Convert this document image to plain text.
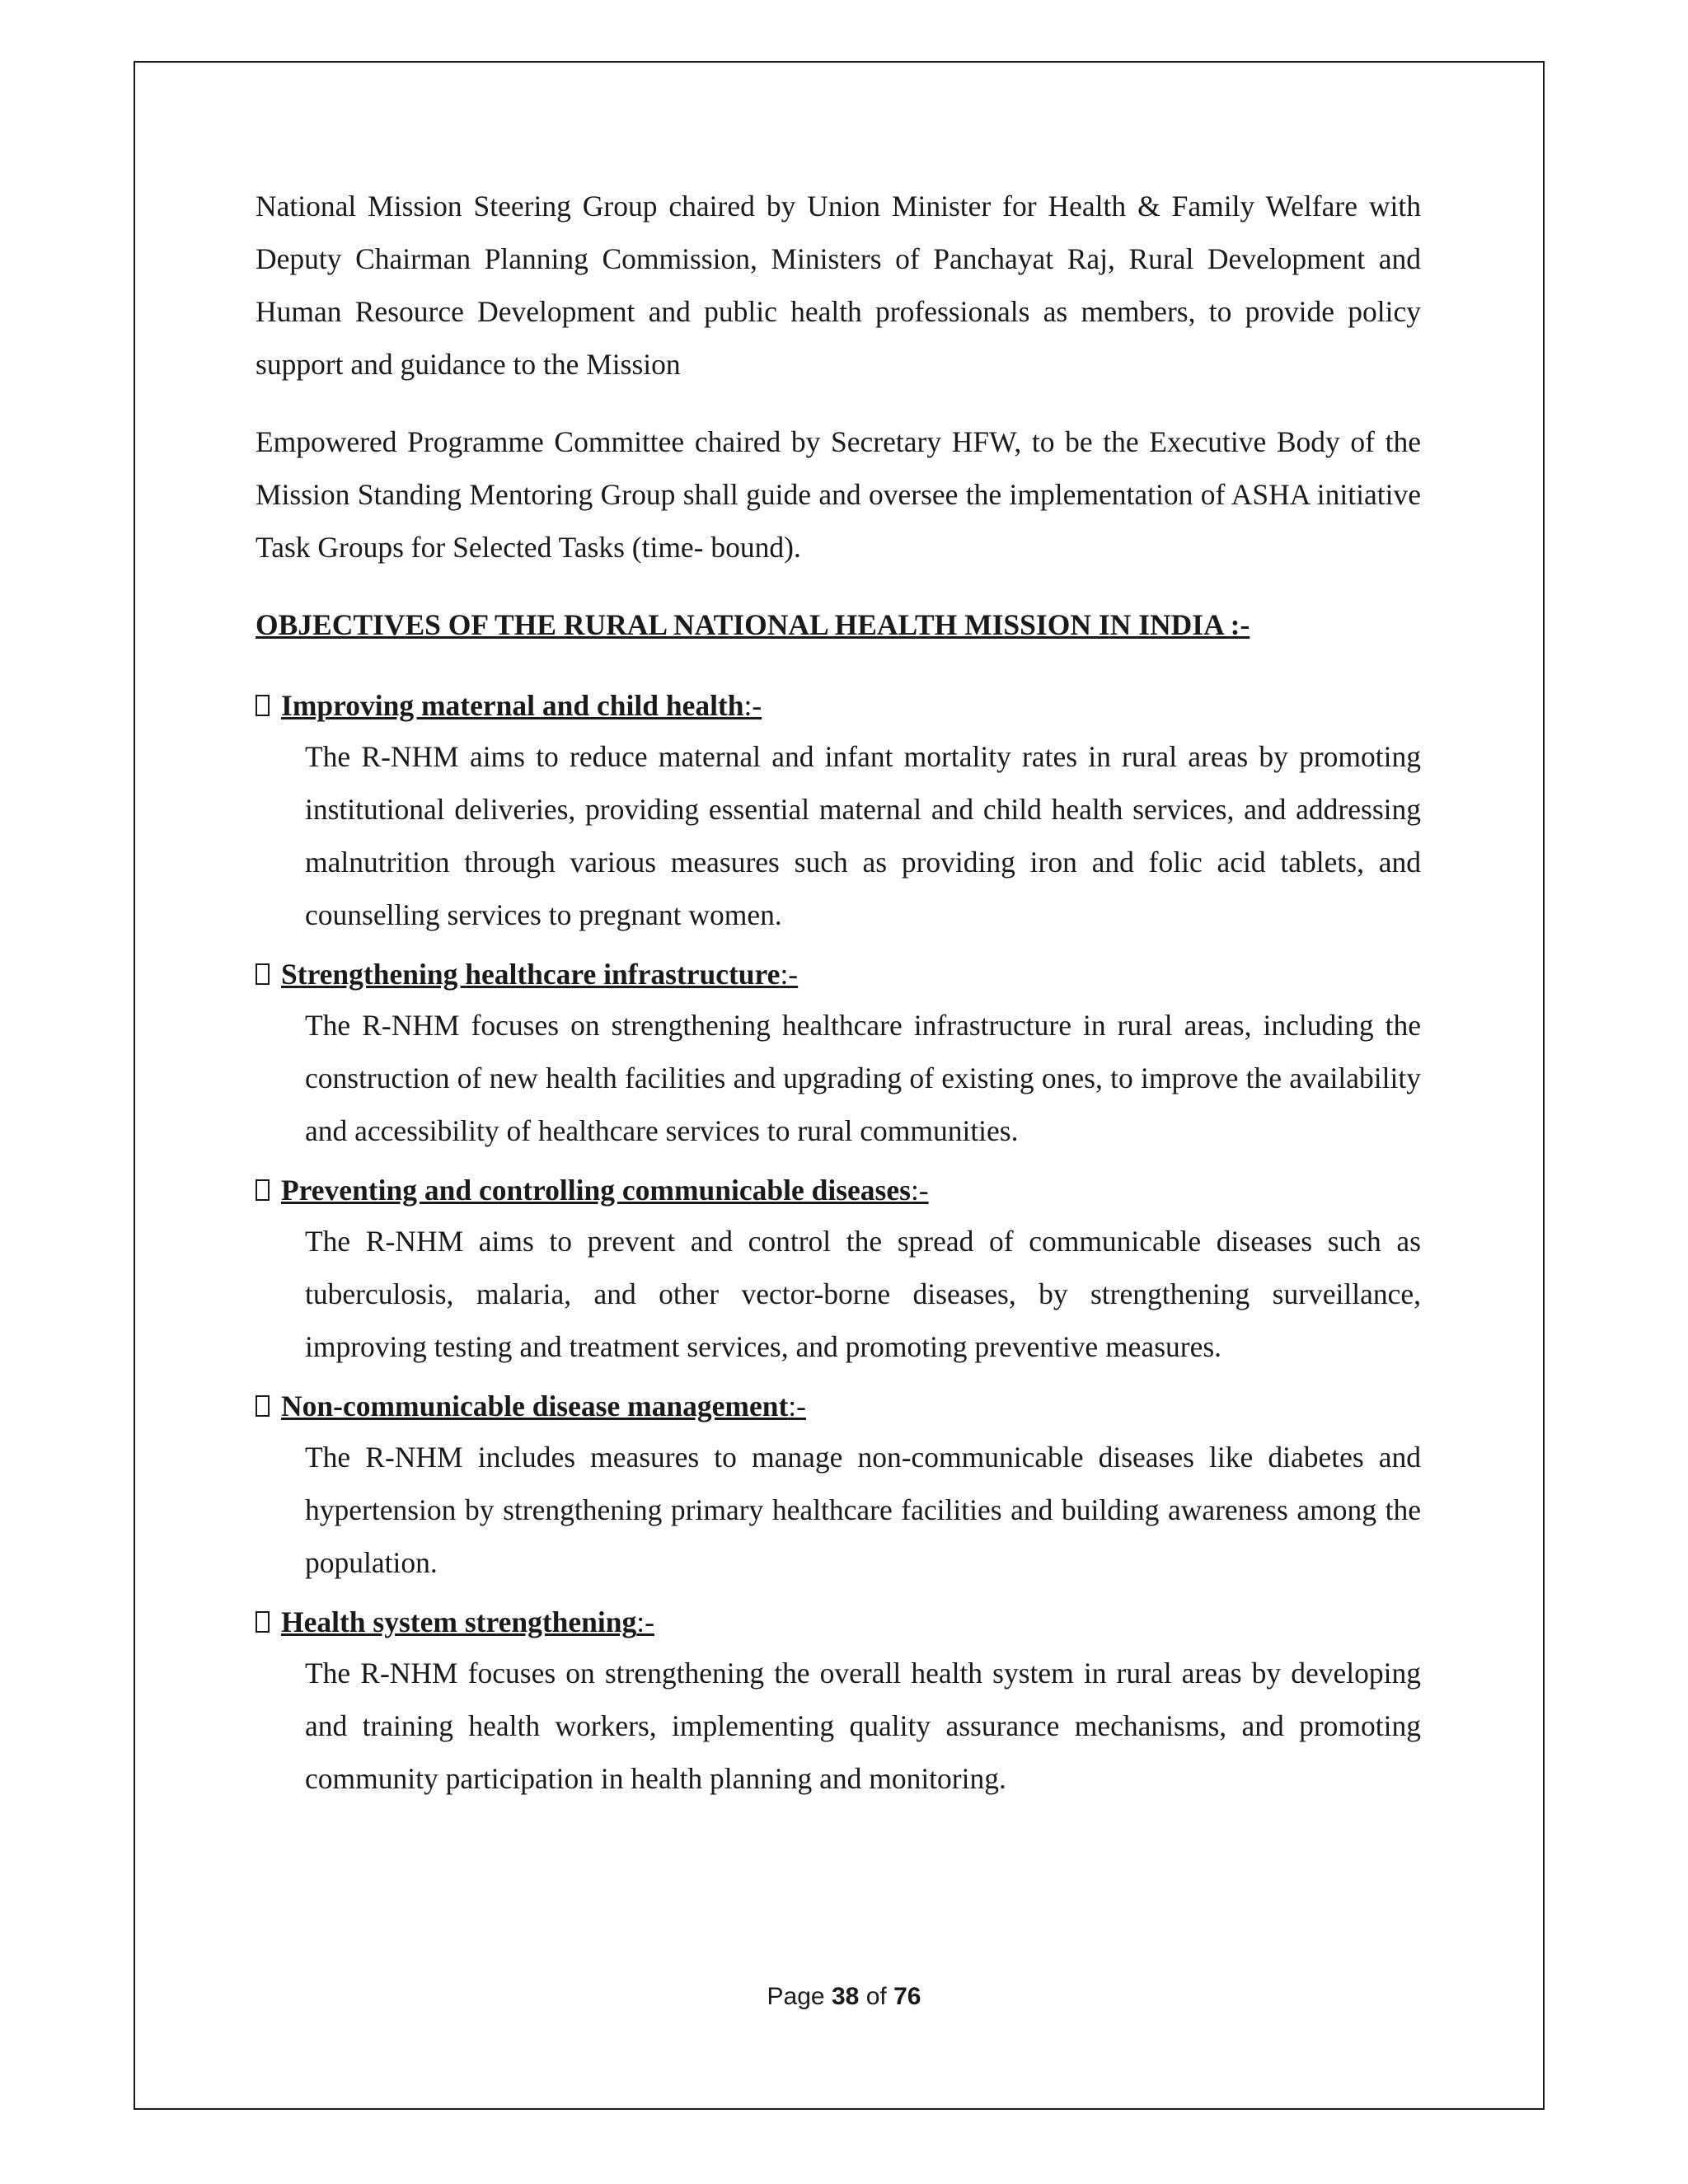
National Mission Steering Group chaired by Union Minister for Health & Family Welfare with Deputy Chairman Planning Commission, Ministers of Panchayat Raj, Rural Development and Human Resource Development and public health professionals as members, to provide policy support and guidance to the Mission

Empowered Programme Committee chaired by Secretary HFW, to be the Executive Body of the Mission Standing Mentoring Group shall guide and oversee the implementation of ASHA initiative Task Groups for Selected Tasks (time- bound).

OBJECTIVES OF THE RURAL NATIONAL HEALTH MISSION IN INDIA :-
Improving maternal and child health :-
The R-NHM aims to reduce maternal and infant mortality rates in rural areas by promoting institutional deliveries, providing essential maternal and child health services, and addressing malnutrition through various measures such as providing iron and folic acid tablets, and counselling services to pregnant women.
Strengthening healthcare infrastructure :-
The R-NHM focuses on strengthening healthcare infrastructure in rural areas, including the construction of new health facilities and upgrading of existing ones, to improve the availability and accessibility of healthcare services to rural communities.
Preventing and controlling communicable diseases :-
The R-NHM aims to prevent and control the spread of communicable diseases such as tuberculosis, malaria, and other vector-borne diseases, by strengthening surveillance, improving testing and treatment services, and promoting preventive measures.
Non-communicable disease management :-
The R-NHM includes measures to manage non-communicable diseases like diabetes and hypertension by strengthening primary healthcare facilities and building awareness among the population.
Health system strengthening :-
The R-NHM focuses on strengthening the overall health system in rural areas by developing and training health workers, implementing quality assurance mechanisms, and promoting community participation in health planning and monitoring.
Page 38 of 76
